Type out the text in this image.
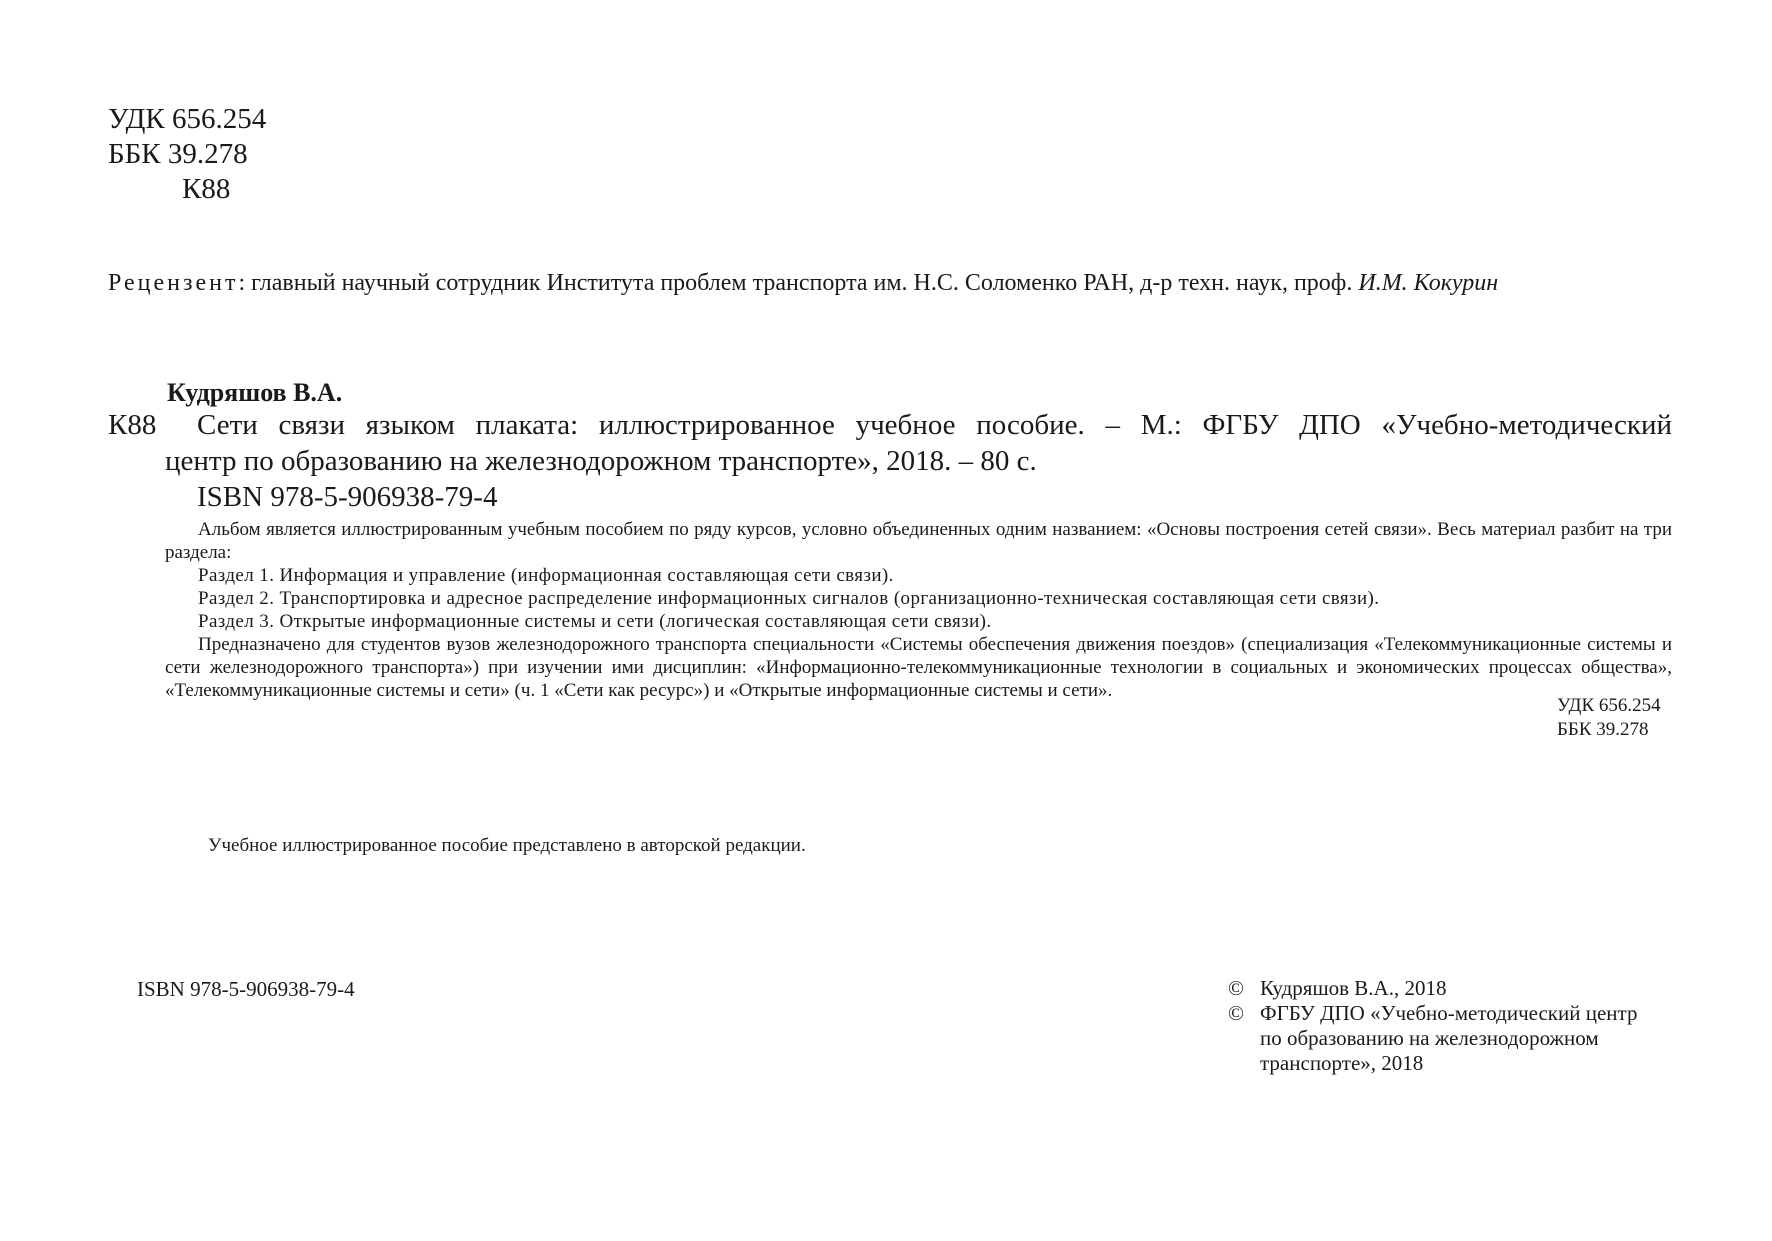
УДК 656.254
ББК 39.278
К88
Рецензент: главный научный сотрудник Института проблем транспорта им. Н.С. Соломенко РАН, д-р техн. наук, проф. И.М. Кокурин
Кудряшов В.А.
К88 Сети связи языком плаката: иллюстрированное учебное пособие. – М.: ФГБУ ДПО «Учебно-методический
центр по образованию на железнодорожном транспорте», 2018. – 80 с.
ISBN 978-5-906938-79-4

Альбом является иллюстрированным учебным пособием по ряду курсов, условно объединенных одним названием: «Основы построения сетей связи». Весь материал разбит на три раздела:

Раздел 1. Информация и управление (информационная составляющая сети связи).

Раздел 2. Транспортировка и адресное распределение информационных сигналов (организационно-техническая составляющая сети связи).

Раздел 3. Открытые информационные системы и сети (логическая составляющая сети связи).

Предназначено для студентов вузов железнодорожного транспорта специальности «Системы обеспечения движения поездов» (специализация «Телекоммуникационные системы и сети железнодорожного транспорта») при изучении ими дисциплин: «Информационно-телекоммуникационные технологии в социальных и экономических процессах общества», «Телекоммуникационные системы и сети» (ч. 1 «Сети как ресурс») и «Открытые информационные системы и сети».

УДК 656.254
ББК 39.278
Учебное иллюстрированное пособие представлено в авторской редакции.
ISBN 978-5-906938-79-4	© Кудряшов В.А., 2018
© ФГБУ ДПО «Учебно-методический центр
по образованию на железнодорожном
транспорте», 2018
